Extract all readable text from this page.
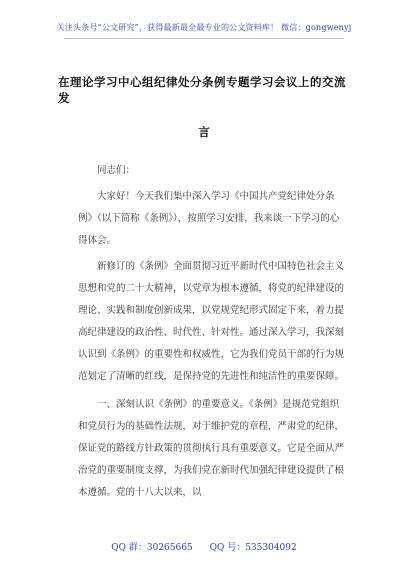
关注头条号“公文研究”，获得最新最全最专业的公文资料库！ 微信：gongwenyj
在理论学习中心组纪律处分条例专题学习会议上的交流发
言

同志们：

大家好！今天我们集中深入学习《中国共产党纪律处分条例》（以下简称《条例》），按照学习安排，我来谈一下学习的心得体会。

新修订的《条例》全面贯彻习近平新时代中国特色社会主义思想和党的二十大精神，以党章为根本遵循，将党的纪律建设的理论、实践和制度创新成果，以党规党纪形式固定下来，着力提高纪律建设的政治性、时代性、针对性。通过深入学习，我深刻认识到《条例》的重要性和权威性，它为我们党员干部的行为规范划定了清晰的红线，是保持党的先进性和纯洁性的重要保障。

一、深刻认识《条例》的重要意义。《条例》是规范党组织和党员行为的基础性法规，对于维护党的章程，严肃党的纪律，保证党的路线方针政策的贯彻执行具有重要意义。它是全面从严治党的重要制度支撑，为我们党在新时代加强纪律建设提供了根本遵循。党的十八大以来，以

QQ 群：30265665 QQ 号：535304092
